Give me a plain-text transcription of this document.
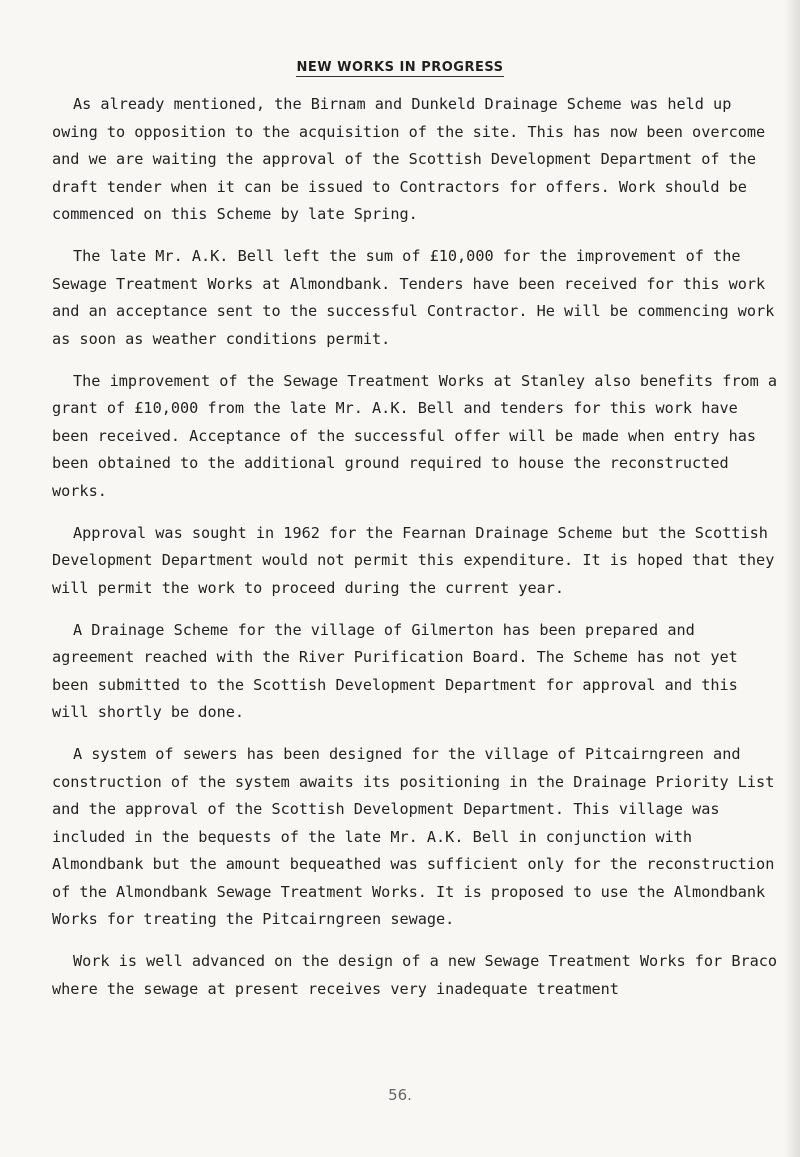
NEW WORKS IN PROGRESS

As already mentioned, the Birnam and Dunkeld Drainage Scheme was held up owing to opposition to the acquisition of the site. This has now been overcome and we are waiting the approval of the Scottish Development Department of the draft tender when it can be issued to Contractors for offers. Work should be commenced on this Scheme by late Spring.

The late Mr. A.K. Bell left the sum of £10,000 for the improvement of the Sewage Treatment Works at Almondbank. Tenders have been received for this work and an acceptance sent to the successful Contractor. He will be commencing work as soon as weather conditions permit.

The improvement of the Sewage Treatment Works at Stanley also benefits from a grant of £10,000 from the late Mr. A.K. Bell and tenders for this work have been received. Acceptance of the successful offer will be made when entry has been obtained to the additional ground required to house the reconstructed works.

Approval was sought in 1962 for the Fearnan Drainage Scheme but the Scottish Development Department would not permit this expenditure. It is hoped that they will permit the work to proceed during the current year.

A Drainage Scheme for the village of Gilmerton has been prepared and agreement reached with the River Purification Board. The Scheme has not yet been submitted to the Scottish Development Department for approval and this will shortly be done.

A system of sewers has been designed for the village of Pitcairngreen and construction of the system awaits its positioning in the Drainage Priority List and the approval of the Scottish Development Department. This village was included in the bequests of the late Mr. A.K. Bell in conjunction with Almondbank but the amount bequeathed was sufficient only for the reconstruction of the Almondbank Sewage Treatment Works. It is proposed to use the Almondbank Works for treating the Pitcairngreen sewage.

Work is well advanced on the design of a new Sewage Treatment Works for Braco where the sewage at present receives very inadequate treatment

56.
